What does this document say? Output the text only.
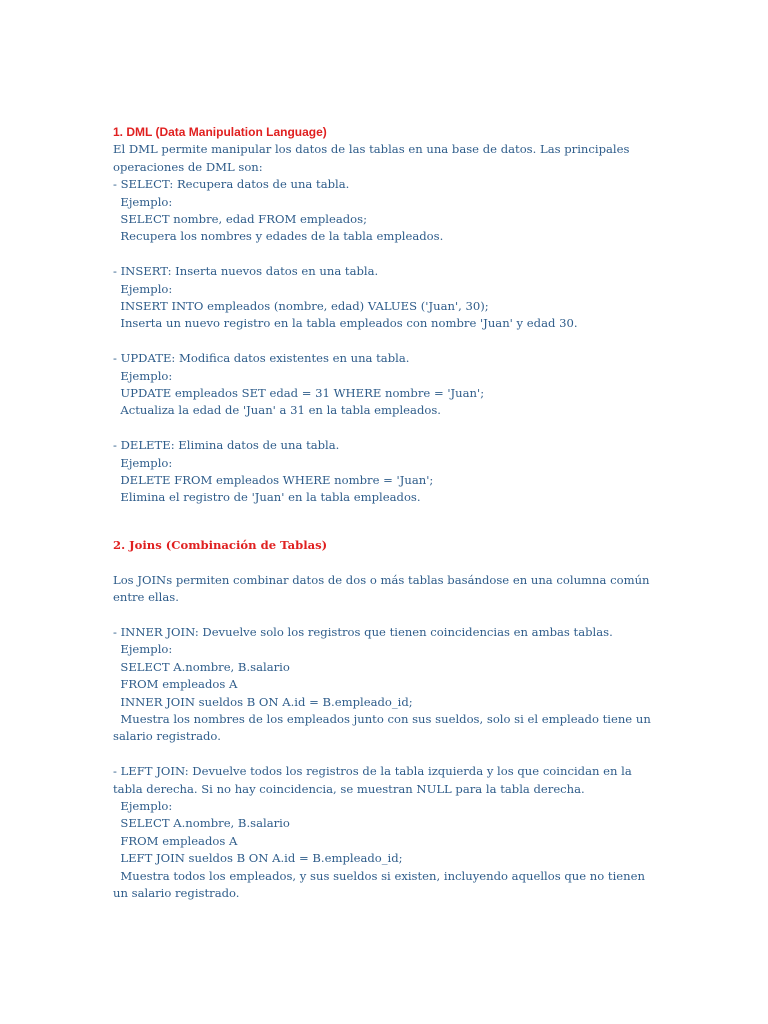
1. DML (Data Manipulation Language)

El DML permite manipular los datos de las tablas en una base de datos. Las principales operaciones de DML son:

- SELECT: Recupera datos de una tabla.

Ejemplo:

SELECT nombre, edad FROM empleados;

Recupera los nombres y edades de la tabla empleados.

- INSERT: Inserta nuevos datos en una tabla.

Ejemplo:

INSERT INTO empleados (nombre, edad) VALUES ('Juan', 30);

Inserta un nuevo registro en la tabla empleados con nombre 'Juan' y edad 30.

- UPDATE: Modifica datos existentes en una tabla.

Ejemplo:

UPDATE empleados SET edad = 31 WHERE nombre = 'Juan';

Actualiza la edad de 'Juan' a 31 en la tabla empleados.

- DELETE: Elimina datos de una tabla.

Ejemplo:

DELETE FROM empleados WHERE nombre = 'Juan';

Elimina el registro de 'Juan' en la tabla empleados.

2. Joins (Combinación de Tablas)

Los JOINs permiten combinar datos de dos o más tablas basándose en una columna común entre ellas.

- INNER JOIN: Devuelve solo los registros que tienen coincidencias en ambas tablas.

Ejemplo:

SELECT A.nombre, B.salario

FROM empleados A

INNER JOIN sueldos B ON A.id = B.empleado_id;

Muestra los nombres de los empleados junto con sus sueldos, solo si el empleado tiene un salario registrado.

- LEFT JOIN: Devuelve todos los registros de la tabla izquierda y los que coincidan en la tabla derecha. Si no hay coincidencia, se muestran NULL para la tabla derecha.

Ejemplo:

SELECT A.nombre, B.salario

FROM empleados A

LEFT JOIN sueldos B ON A.id = B.empleado_id;

Muestra todos los empleados, y sus sueldos si existen, incluyendo aquellos que no tienen un salario registrado.
